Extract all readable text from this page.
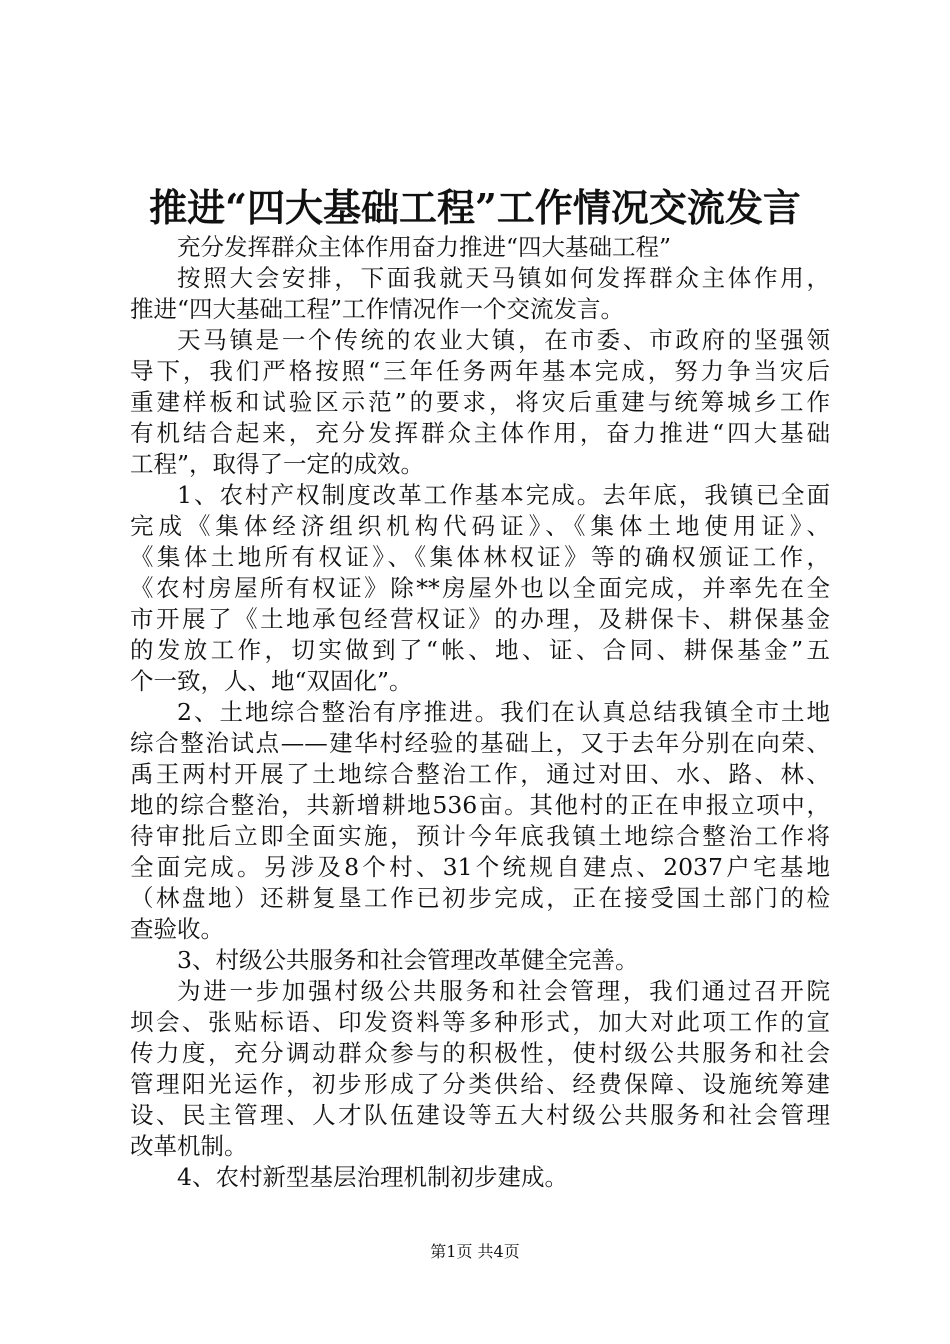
推进“四大基础工程”工作情况交流发言
充分发挥群众主体作用奋力推进“四大基础工程”
按照大会安排，下面我就天马镇如何发挥群众主体作用，
推进“四大基础工程”工作情况作一个交流发言。
天马镇是一个传统的农业大镇，在市委、市政府的坚强领
导下，我们严格按照“三年任务两年基本完成，努力争当灾后
重建样板和试验区示范”的要求，将灾后重建与统筹城乡工作
有机结合起来，充分发挥群众主体作用，奋力推进“四大基础
工程”，取得了一定的成效。
1、农村产权制度改革工作基本完成。去年底，我镇已全面
完成《集体经济组织机构代码证》、《集体土地使用证》、
《集体土地所有权证》、《集体林权证》等的确权颁证工作，
《农村房屋所有权证》除**房屋外也以全面完成，并率先在全
市开展了《土地承包经营权证》的办理，及耕保卡、耕保基金
的发放工作，切实做到了“帐、地、证、合同、耕保基金”五
个一致，人、地“双固化”。
2、土地综合整治有序推进。我们在认真总结我镇全市土地
综合整治试点——建华村经验的基础上，又于去年分别在向荣、
禹王两村开展了土地综合整治工作，通过对田、水、路、林、
地的综合整治，共新增耕地536亩。其他村的正在申报立项中，
待审批后立即全面实施，预计今年底我镇土地综合整治工作将
全面完成。另涉及8个村、31个统规自建点、2037户宅基地
（林盘地）还耕复垦工作已初步完成，正在接受国土部门的检
查验收。
3、村级公共服务和社会管理改革健全完善。
为进一步加强村级公共服务和社会管理，我们通过召开院
坝会、张贴标语、印发资料等多种形式，加大对此项工作的宣
传力度，充分调动群众参与的积极性，使村级公共服务和社会
管理阳光运作，初步形成了分类供给、经费保障、设施统筹建
设、民主管理、人才队伍建设等五大村级公共服务和社会管理
改革机制。
4、农村新型基层治理机制初步建成。
第1页 共4页
